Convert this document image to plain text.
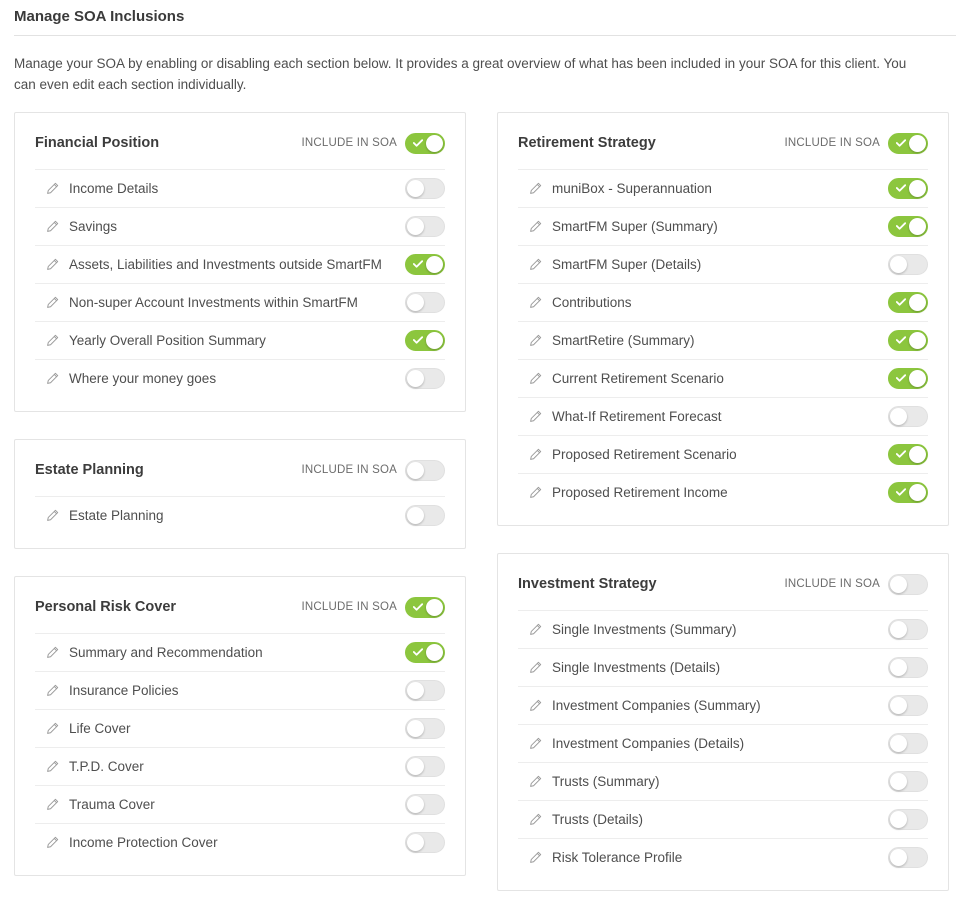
Manage SOA Inclusions

Manage your SOA by enabling or disabling each section below. It provides a great overview of what has been included in your SOA for this client. You can even edit each section individually.

Financial Position	INCLUDE IN SOA
Income Details
Savings
Assets, Liabilities and Investments outside SmartFM
Non-super Account Investments within SmartFM
Yearly Overall Position Summary
Where your money goes
Estate Planning	INCLUDE IN SOA
Estate Planning
Personal Risk Cover	INCLUDE IN SOA
Summary and Recommendation
Insurance Policies
Life Cover
T.P.D. Cover
Trauma Cover
Income Protection Cover
Retirement Strategy	INCLUDE IN SOA
muniBox - Superannuation
SmartFM Super (Summary)
SmartFM Super (Details)
Contributions
SmartRetire (Summary)
Current Retirement Scenario
What-If Retirement Forecast
Proposed Retirement Scenario
Proposed Retirement Income
Investment Strategy	INCLUDE IN SOA
Single Investments (Summary)
Single Investments (Details)
Investment Companies (Summary)
Investment Companies (Details)
Trusts (Summary)
Trusts (Details)
Risk Tolerance Profile
